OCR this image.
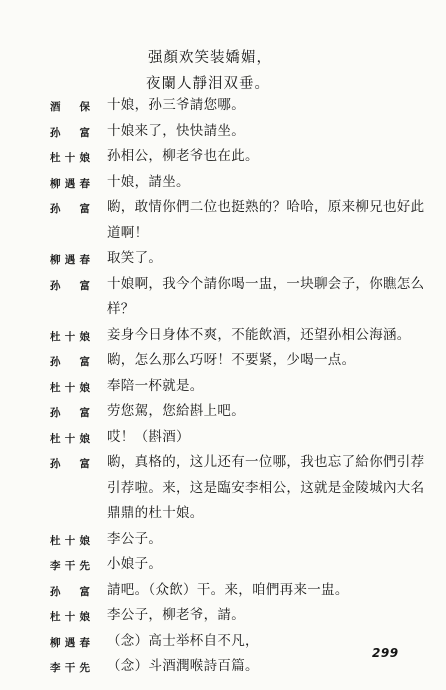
强顏欢笑装嬌媚，
夜闌人靜泪双垂。
酒　保 十娘，孙三爷請您哪。
孙　富 十娘来了，快快請坐。
杜十娘 孙相公，柳老爷也在此。
柳遇春 十娘，請坐。
孙　富 喲，敢情你們二位也挺熟的？哈哈，原来柳兄也好此道啊！
柳遇春 取笑了。
孙　富 十娘啊，我今个請你喝一盅，一块聊会子，你瞧怎么样？
杜十娘 妾身今日身体不爽，不能飲酒，还望孙相公海涵。
孙　富 喲，怎么那么巧呀！不要紧，少喝一点。
杜十娘 奉陪一杯就是。
孙　富 劳您駕，您給斟上吧。
杜十娘 哎！（斟酒）
孙　富 喲，真格的，这儿还有一位哪，我也忘了給你們引荐引荐啦。来，这是臨安李相公，这就是金陵城內大名鼎鼎的杜十娘。
杜十娘 李公子。
李干先 小娘子。
孙　富 請吧。（众飲）干。来，咱們再来一盅。
杜十娘 李公子，柳老爷，請。
柳遇春 （念）高士举杯自不凡，
李干先 （念）斗酒潤喉詩百篇。
299
